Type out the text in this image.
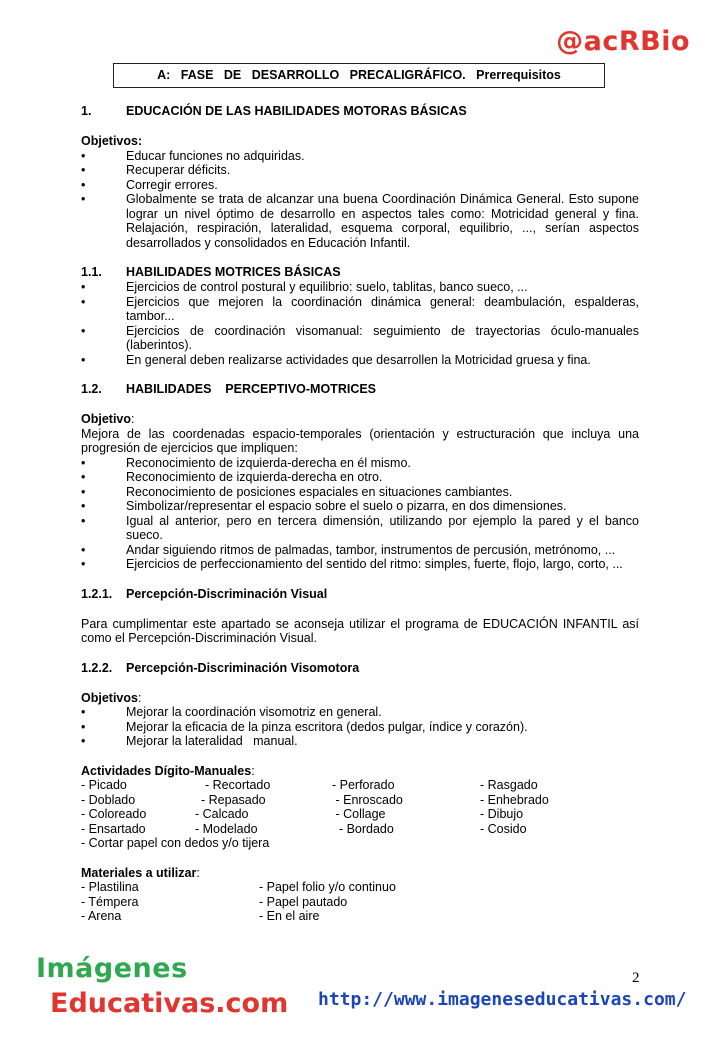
@acRBio
A: FASE DE DESARROLLO PRECALIGRÁFICO. Prerrequisitos

1.	EDUCACIÓN DE LAS HABILIDADES MOTORAS BÁSICAS

Objetivos:

•	Educar funciones no adquiridas.
•	Recuperar déficits.
•	Corregir errores.
•	Globalmente se trata de alcanzar una buena Coordinación Dinámica General. Esto supone lograr un nivel óptimo de desarrollo en aspectos tales como: Motricidad general y fina. Relajación, respiración, lateralidad, esquema corporal, equilibrio, ..., serían aspectos desarrollados y consolidados en Educación Infantil.

1.1. HABILIDADES MOTRICES BÁSICAS

•	Ejercicios de control postural y equilibrio: suelo, tablitas, banco sueco, ...
•	Ejercicios que mejoren la coordinación dinámica general: deambulación, espalderas, tambor...
•	Ejercicios de coordinación visomanual: seguimiento de trayectorias óculo-manuales (laberintos).
•	En general deben realizarse actividades que desarrollen la Motricidad gruesa y fina.

1.2. HABILIDADES    PERCEPTIVO-MOTRICES

Objetivo:

Mejora de las coordenadas espacio-temporales (orientación y estructuración que incluya una progresión de ejercicios que impliquen:

•	Reconocimiento de izquierda-derecha en él mismo.
•	Reconocimiento de izquierda-derecha en otro.
•	Reconocimiento de posiciones espaciales en situaciones cambiantes.
•	Simbolizar/representar el espacio sobre el suelo o pizarra, en dos dimensiones.
•	Igual al anterior, pero en tercera dimensión, utilizando por ejemplo la pared y el banco sueco.
•	Andar siguiendo ritmos de palmadas, tambor, instrumentos de percusión, metrónomo, ...
•	Ejercicios de perfeccionamiento del sentido del ritmo: simples, fuerte, flojo, largo, corto, ...

1.2.1. Percepción-Discriminación Visual

Para cumplimentar este apartado se aconseja utilizar el programa de EDUCACIÓN INFANTIL así como el Percepción-Discriminación Visual.

1.2.2. Percepción-Discriminación Visomotora

Objetivos:

•	Mejorar la coordinación visomotriz en general.
•	Mejorar la eficacia de la pinza escritora (dedos pulgar, índice y corazón).
•	Mejorar la lateralidad   manual.

Actividades Dígito-Manuales:

- Picado	- Recortado	- Perforado	- Rasgado
- Doblado	- Repasado	- Enroscado	- Enhebrado
- Coloreado	- Calcado	- Collage	- Dibujo
- Ensartado	- Modelado	- Bordado	- Cosido

- Cortar papel con dedos y/o tijera

Materiales a utilizar:

- Plastilina	- Papel folio y/o continuo
- Témpera	- Papel pautado
- Arena	- En el aire
2
Imágenes
Educativas.com http://www.imageneseducativas.com/
